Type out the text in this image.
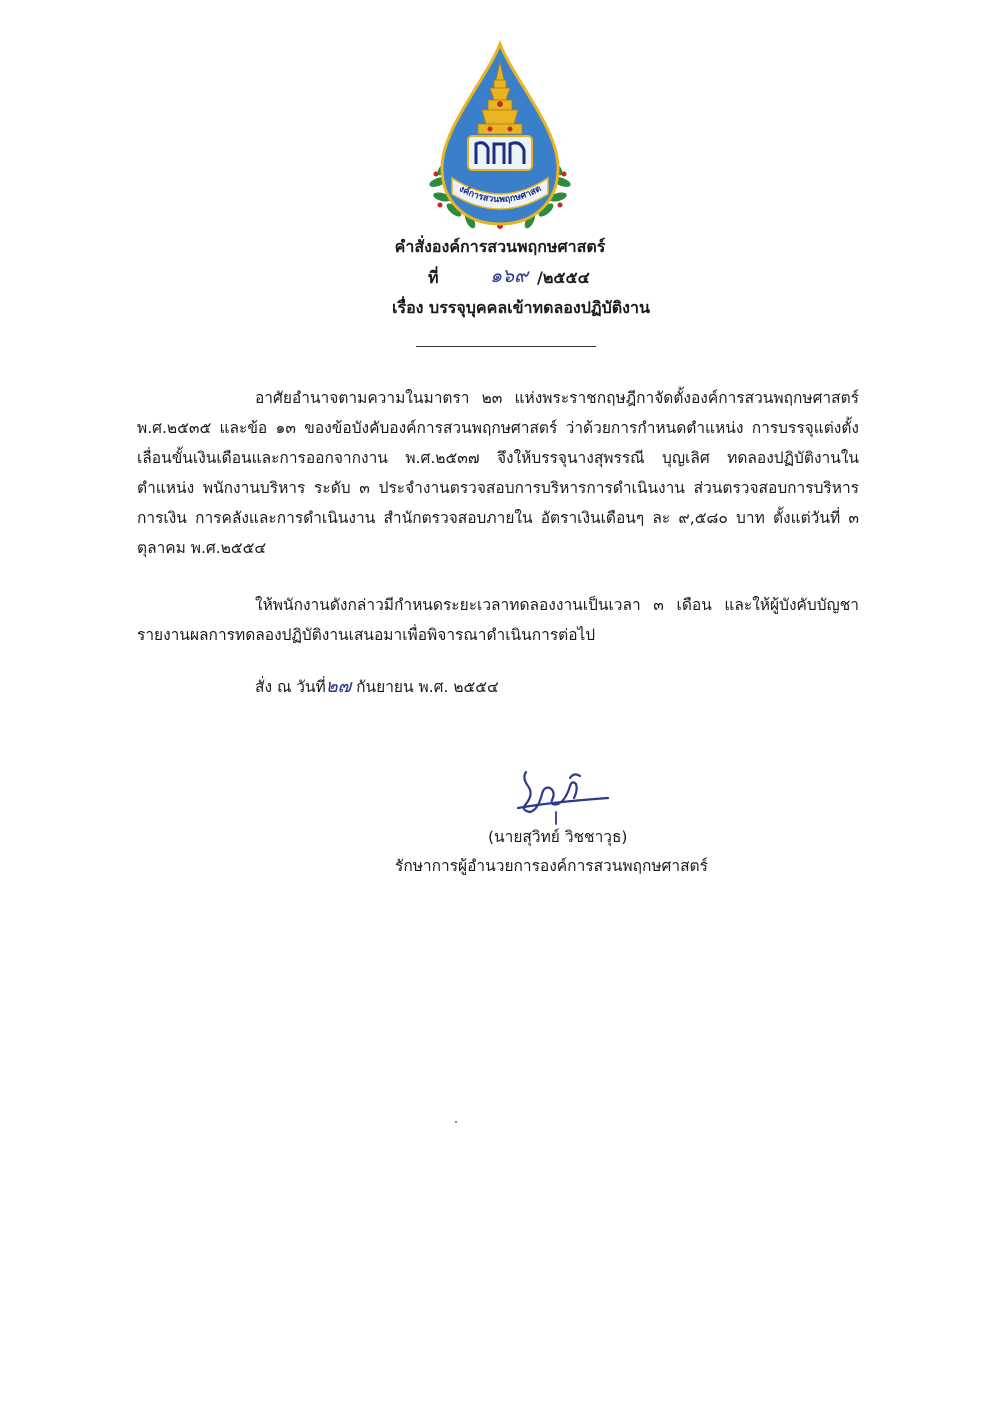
งค์การสวนพฤกษศาสต
คำสั่งองค์การสวนพฤกษศาสตร์
ที่	๑๖๙ /๒๕๕๔
เรื่อง บรรจุบุคคลเข้าทดลองปฏิบัติงาน
อาศัยอำนาจตามความในมาตรา ๒๓ แห่งพระราชกฤษฎีกาจัดตั้งองค์การสวนพฤกษศาสตร์ พ.ศ.๒๕๓๕ และข้อ ๑๓ ของข้อบังคับองค์การสวนพฤกษศาสตร์ ว่าด้วยการกำหนดตำแหน่ง การบรรจุแต่งตั้ง เลื่อนขั้นเงินเดือนและการออกจากงาน พ.ศ.๒๕๓๗ จึงให้บรรจุนางสุพรรณี บุญเลิศ ทดลองปฏิบัติงานในตำแหน่ง พนักงานบริหาร ระดับ ๓ ประจำงานตรวจสอบการบริหารการดำเนินงาน ส่วนตรวจสอบการบริหาร การเงิน การคลังและการดำเนินงาน สำนักตรวจสอบภายใน อัตราเงินเดือนๆ ละ ๙,๕๘๐ บาท ตั้งแต่วันที่ ๓ ตุลาคม พ.ศ.๒๕๕๔
ให้พนักงานดังกล่าวมีกำหนดระยะเวลาทดลองงานเป็นเวลา ๓ เดือน และให้ผู้บังคับบัญชา รายงานผลการทดลองปฏิบัติงานเสนอมาเพื่อพิจารณาดำเนินการต่อไป
สั่ง ณ วันที่๒๗ กันยายน พ.ศ. ๒๕๕๔
(นายสุวิทย์ วิชชาวุธ)
รักษาการผู้อำนวยการองค์การสวนพฤกษศาสตร์
